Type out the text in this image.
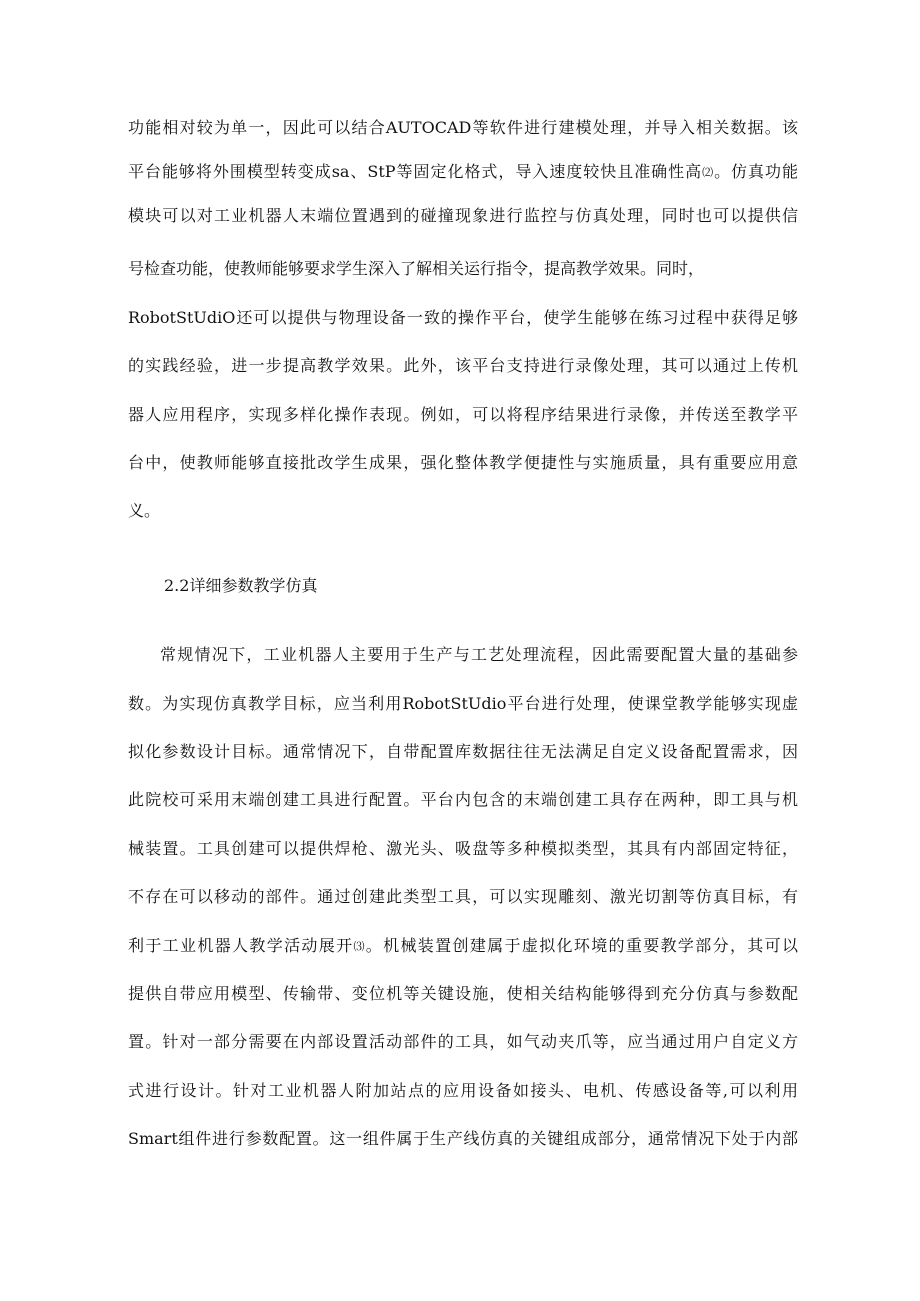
功能相对较为单一，因此可以结合AUTOCAD等软件进行建模处理，并导入相关数据。该

平台能够将外围模型转变成sa、StP等固定化格式，导入速度较快且准确性高⑵。仿真功能

模块可以对工业机器人末端位置遇到的碰撞现象进行监控与仿真处理，同时也可以提供信

号检查功能，使教师能够要求学生深入了解相关运行指令，提高教学效果。同时，

RobotStUdiO还可以提供与物理设备一致的操作平台，使学生能够在练习过程中获得足够

的实践经验，进一步提高教学效果。此外，该平台支持进行录像处理，其可以通过上传机

器人应用程序，实现多样化操作表现。例如，可以将程序结果进行录像，并传送至教学平

台中，使教师能够直接批改学生成果，强化整体教学便捷性与实施质量，具有重要应用意

义。

2.2详细参数教学仿真

常规情况下，工业机器人主要用于生产与工艺处理流程，因此需要配置大量的基础参

数。为实现仿真教学目标，应当利用RobotStUdio平台进行处理，使课堂教学能够实现虚

拟化参数设计目标。通常情况下，自带配置库数据往往无法满足自定义设备配置需求，因

此院校可采用末端创建工具进行配置。平台内包含的末端创建工具存在两种，即工具与机

械装置。工具创建可以提供焊枪、激光头、吸盘等多种模拟类型，其具有内部固定特征，

不存在可以移动的部件。通过创建此类型工具，可以实现雕刻、激光切割等仿真目标，有

利于工业机器人教学活动展开⑶。机械装置创建属于虚拟化环境的重要教学部分，其可以

提供自带应用模型、传输带、变位机等关键设施，使相关结构能够得到充分仿真与参数配

置。针对一部分需要在内部设置活动部件的工具，如气动夹爪等，应当通过用户自定义方

式进行设计。针对工业机器人附加站点的应用设备如接头、电机、传感设备等,可以利用

Smart组件进行参数配置。这一组件属于生产线仿真的关键组成部分，通常情况下处于内部
